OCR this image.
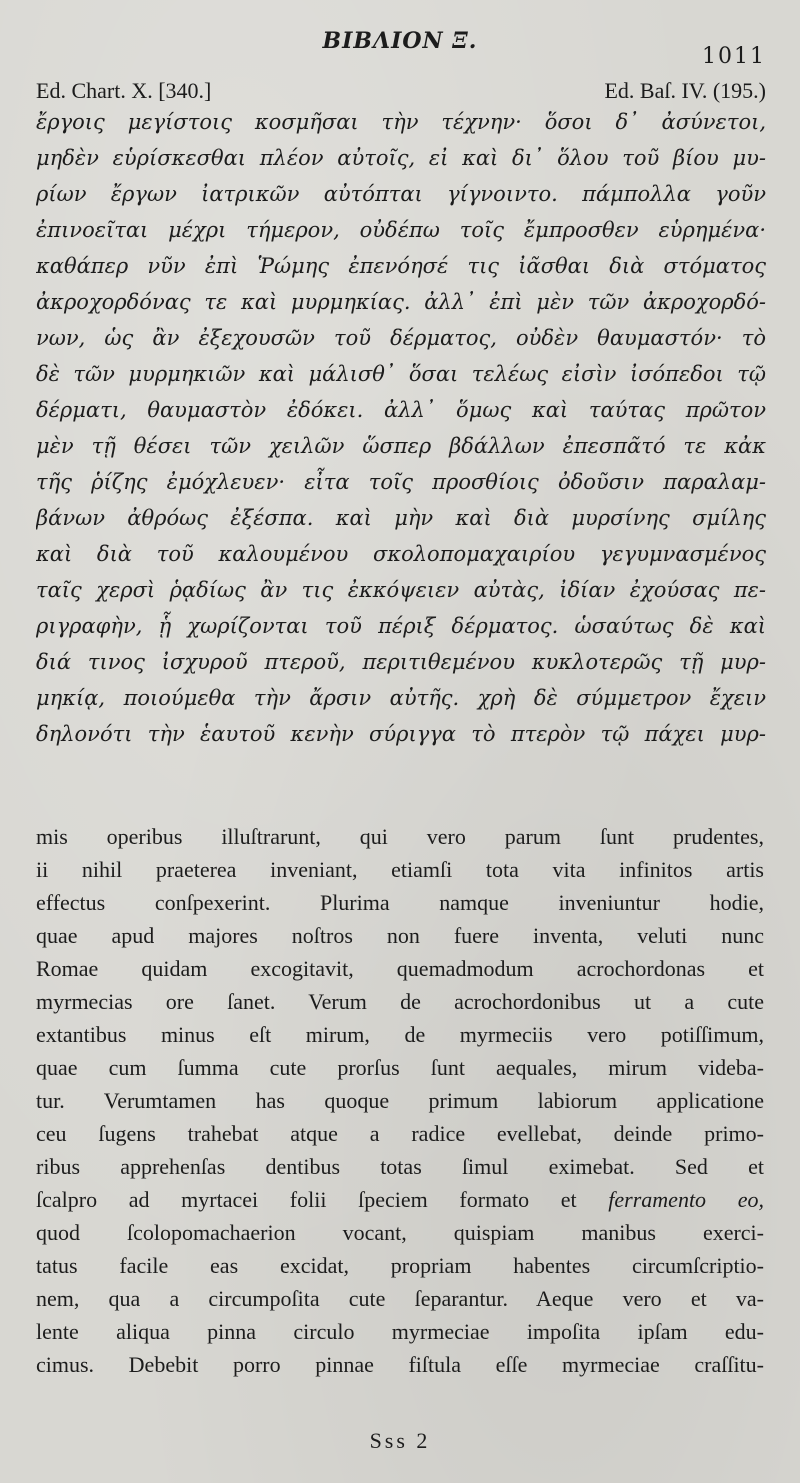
BIBΛΙΟΝ Ξ.
1011
Ed. Chart. X. [340.]	Ed. Baſ. IV. (195.)
ἔργοις μεγίστοις κοσμῆσαι τὴν τέχνην· ὅσοι δ᾽ ἀσύνετοι,
μηδὲν εὑρίσκεσθαι πλέον αὐτοῖς, εἰ καὶ δι᾽ ὅλου τοῦ βίου μυ-
ρίων ἔργων ἰατρικῶν αὐτόπται γίγνοιντο. πάμπολλα γοῦν
ἐπινοεῖται μέχρι τήμερον, οὐδέπω τοῖς ἔμπροσθεν εὑρημένα·
καθάπερ νῦν ἐπὶ Ῥώμης ἐπενόησέ τις ἰᾶσθαι διὰ στόματος
ἀκροχορδόνας τε καὶ μυρμηκίας. ἀλλ᾽ ἐπὶ μὲν τῶν ἀκροχορδό-
νων, ὡς ἂν ἐξεχουσῶν τοῦ δέρματος, οὐδὲν θαυμαστόν· τὸ
δὲ τῶν μυρμηκιῶν καὶ μάλισθ᾽ ὅσαι τελέως εἰσὶν ἰσόπεδοι τῷ
δέρματι, θαυμαστὸν ἐδόκει. ἀλλ᾽ ὅμως καὶ ταύτας πρῶτον
μὲν τῇ θέσει τῶν χειλῶν ὥσπερ βδάλλων ἐπεσπᾶτό τε κἀκ
τῆς ῥίζης ἐμόχλευεν· εἶτα τοῖς προσθίοις ὀδοῦσιν παραλαμ-
βάνων ἀθρόως ἐξέσπα. καὶ μὴν καὶ διὰ μυρσίνης σμίλης
καὶ διὰ τοῦ καλουμένου σκολοπομαχαιρίου γεγυμνασμένος
ταῖς χερσὶ ῥᾳδίως ἂν τις ἐκκόψειεν αὐτὰς, ἰδίαν ἐχούσας πε-
ριγραφὴν, ᾗ χωρίζονται τοῦ πέριξ δέρματος. ὡσαύτως δὲ καὶ
διά τινος ἰσχυροῦ πτεροῦ, περιτιθεμένου κυκλοτερῶς τῇ μυρ-
μηκίᾳ, ποιούμεθα τὴν ἄρσιν αὐτῆς. χρὴ δὲ σύμμετρον ἔχειν
δηλονότι τὴν ἑαυτοῦ κενὴν σύριγγα τὸ πτερὸν τῷ πάχει μυρ-
mis operibus illuſtrarunt, qui vero parum ſunt prudentes,
ii nihil praeterea inveniant, etiamſi tota vita infinitos artis
effectus conſpexerint. Plurima namque inveniuntur hodie,
quae apud majores noſtros non fuere inventa, veluti nunc
Romae quidam excogitavit, quemadmodum acrochordonas et
myrmecias ore ſanet. Verum de acrochordonibus ut a cute
extantibus minus eſt mirum, de myrmeciis vero potiſſimum,
quae cum ſumma cute prorſus ſunt aequales, mirum videba-
tur. Verumtamen has quoque primum labiorum applicatione
ceu ſugens trahebat atque a radice evellebat, deinde primo-
ribus apprehenſas dentibus totas ſimul eximebat. Sed et
ſcalpro ad myrtacei folii ſpeciem formato et ferramento eo,
quod ſcolopomachaerion vocant, quispiam manibus exerci-
tatus facile eas excidat, propriam habentes circumſcriptio-
nem, qua a circumpoſita cute ſeparantur. Aeque vero et va-
lente aliqua pinna circulo myrmeciae impoſita ipſam edu-
cimus. Debebit porro pinnae fiſtula eſſe myrmeciae craſſitu-
Sss 2
